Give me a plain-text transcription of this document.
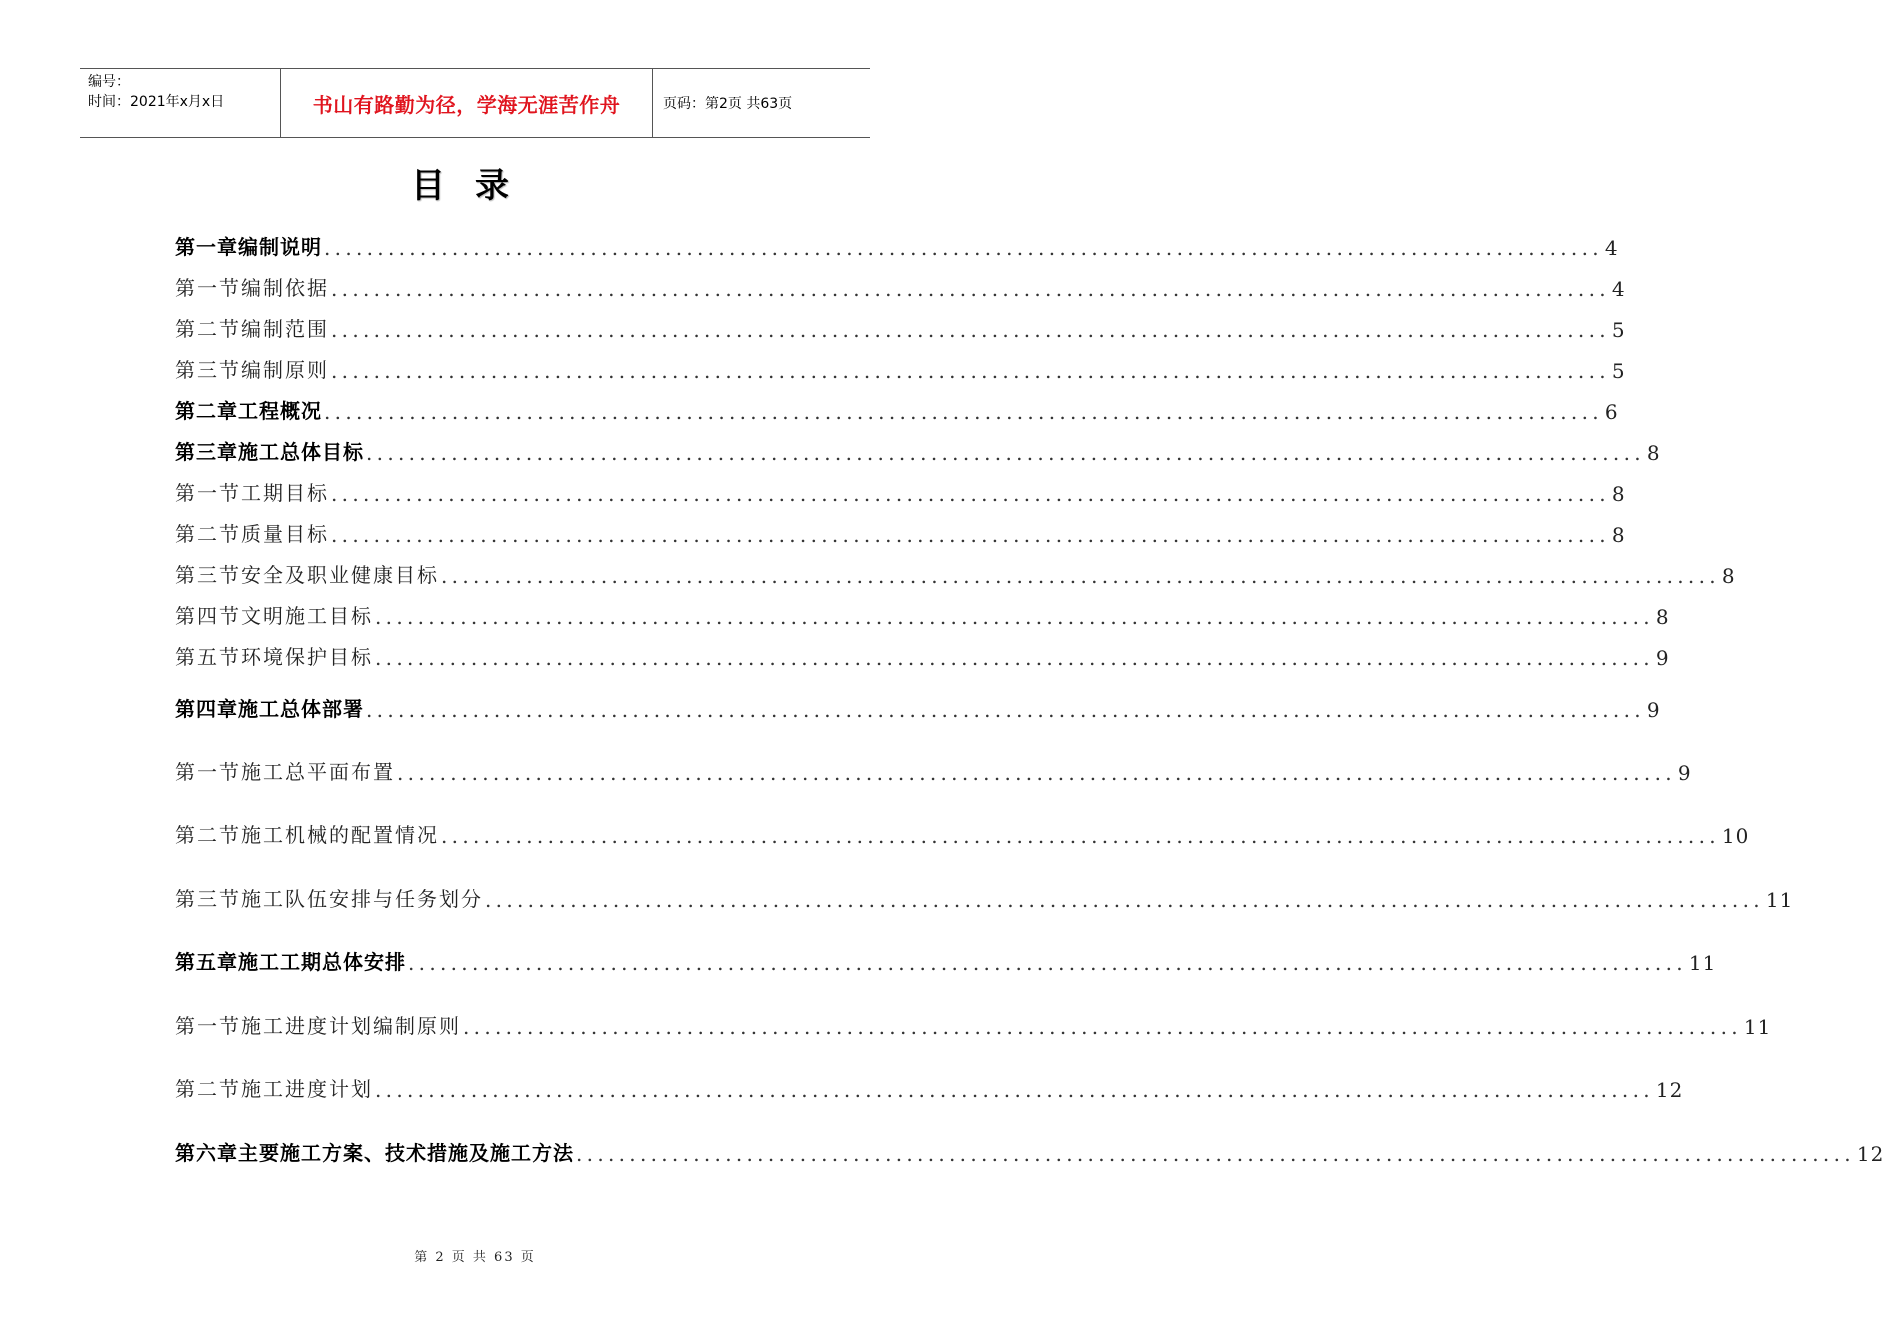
编号：
时间：2021年x月x日	书山有路勤为径，学海无涯苦作舟	页码：第2页 共63页
目录
第一章 编制说明 ........................................................................................................................ 4
第一节 编制依据 ........................................................................................................................ 4
第二节 编制范围 ........................................................................................................................ 5
第三节 编制原则 ........................................................................................................................ 5
第二章 工程概况 ........................................................................................................................ 6
第三章 施工总体目标 ........................................................................................................................ 8
第一节 工期目标 ........................................................................................................................ 8
第二节 质量目标 ........................................................................................................................ 8
第三节 安全及职业健康目标 ........................................................................................................................ 8
第四节 文明施工目标 ........................................................................................................................ 8
第五节 环境保护目标 ........................................................................................................................ 9
第四章 施工总体部署 ........................................................................................................................ 9
第一节 施工总平面布置 ........................................................................................................................ 9
第二节 施工机械的配置情况 ........................................................................................................................ 10
第三节 施工队伍安排与任务划分 ........................................................................................................................ 11
第五章 施工工期总体安排 ........................................................................................................................ 11
第一节 施工进度计划编制原则 ........................................................................................................................ 11
第二节 施工进度计划 ........................................................................................................................ 12
第六章 主要施工方案、技术措施及施工方法 ........................................................................................................................ 12
第 2 页 共 63 页
